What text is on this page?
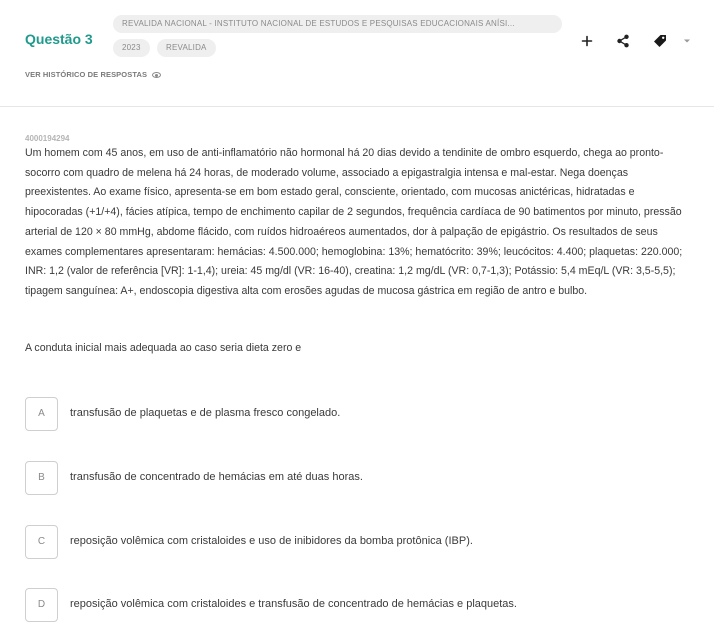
Questão 3
REVALIDA NACIONAL - INSTITUTO NACIONAL DE ESTUDOS E PESQUISAS EDUCACIONAIS ANÍSI...
2023	REVALIDA
VER HISTÓRICO DE RESPOSTAS
4000194294
Um homem com 45 anos, em uso de anti-inflamatório não hormonal há 20 dias devido a tendinite de ombro esquerdo, chega ao pronto-socorro com quadro de melena há 24 horas, de moderado volume, associado a epigastralgia intensa e mal-estar. Nega doenças preexistentes. Ao exame físico, apresenta-se em bom estado geral, consciente, orientado, com mucosas anictéricas, hidratadas e hipocoradas (+1/+4), fácies atípica, tempo de enchimento capilar de 2 segundos, frequência cardíaca de 90 batimentos por minuto, pressão arterial de 120 × 80 mmHg, abdome flácido, com ruídos hidroaéreos aumentados, dor à palpação de epigástrio. Os resultados de seus exames complementares apresentaram: hemácias: 4.500.000; hemoglobina: 13%; hematócrito: 39%; leucócitos: 4.400; plaquetas: 220.000; INR: 1,2 (valor de referência [VR]: 1-1,4); ureia: 45 mg/dl (VR: 16-40), creatina: 1,2 mg/dL (VR: 0,7-1,3); Potássio: 5,4 mEq/L (VR: 3,5-5,5); tipagem sanguínea: A+, endoscopia digestiva alta com erosões agudas de mucosa gástrica em região de antro e bulbo.
A conduta inicial mais adequada ao caso seria dieta zero e
A	transfusão de plaquetas e de plasma fresco congelado.
B	transfusão de concentrado de hemácias em até duas horas.
C	reposição volêmica com cristaloides e uso de inibidores da bomba protônica (IBP).
D	reposição volêmica com cristaloides e transfusão de concentrado de hemácias e plaquetas.
